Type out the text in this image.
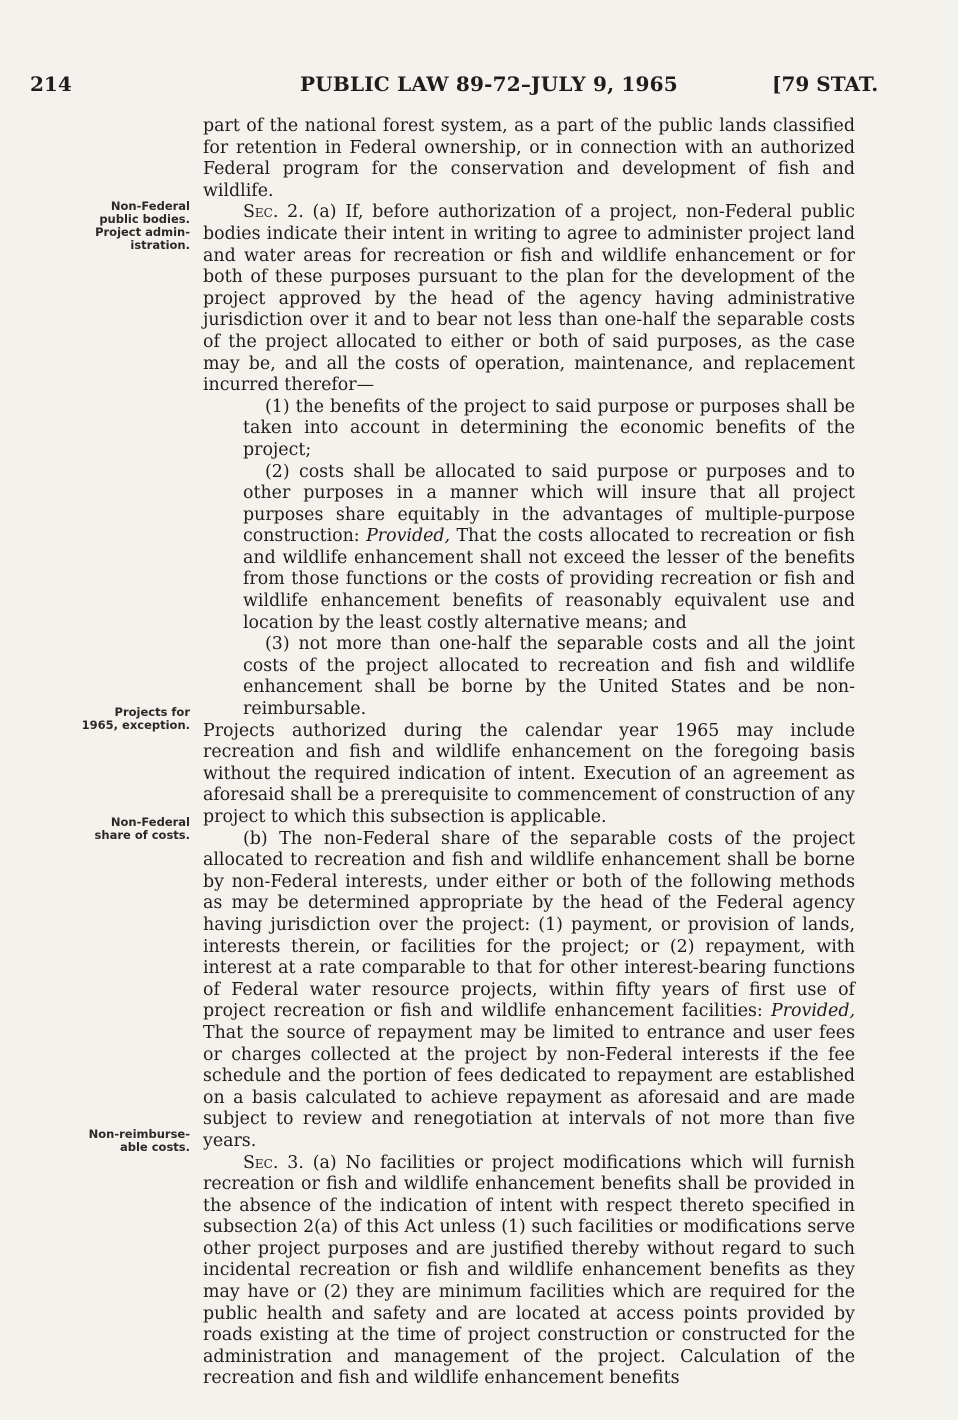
214	PUBLIC LAW 89-72–JULY 9, 1965	[79 STAT.
Non-Federal
public bodies.
Project admin-
istration.
Projects for
1965, exception.
Non-Federal
share of costs.
Non-reimburse-
able costs.

part of the national forest system, as a part of the public lands classified for retention in Federal ownership, or in connection with an authorized Federal program for the conservation and development of fish and wildlife.

Sec. 2. (a) If, before authorization of a project, non-Federal public bodies indicate their intent in writing to agree to administer project land and water areas for recreation or fish and wildlife enhancement or for both of these purposes pursuant to the plan for the development of the project approved by the head of the agency having administrative jurisdiction over it and to bear not less than one-half the separable costs of the project allocated to either or both of said purposes, as the case may be, and all the costs of operation, maintenance, and replacement incurred therefor—

(1) the benefits of the project to said purpose or purposes shall be taken into account in determining the economic benefits of the project;

(2) costs shall be allocated to said purpose or purposes and to other purposes in a manner which will insure that all project purposes share equitably in the advantages of multiple-purpose construction: Provided, That the costs allocated to recreation or fish and wildlife enhancement shall not exceed the lesser of the benefits from those functions or the costs of providing recreation or fish and wildlife enhancement benefits of reasonably equivalent use and location by the least costly alternative means; and

(3) not more than one-half the separable costs and all the joint costs of the project allocated to recreation and fish and wildlife enhancement shall be borne by the United States and be non-reimbursable.

Projects authorized during the calendar year 1965 may include recreation and fish and wildlife enhancement on the foregoing basis without the required indication of intent. Execution of an agreement as aforesaid shall be a prerequisite to commencement of construction of any project to which this subsection is applicable.

(b) The non-Federal share of the separable costs of the project allocated to recreation and fish and wildlife enhancement shall be borne by non-Federal interests, under either or both of the following methods as may be determined appropriate by the head of the Federal agency having jurisdiction over the project: (1) payment, or provision of lands, interests therein, or facilities for the project; or (2) repayment, with interest at a rate comparable to that for other interest-bearing functions of Federal water resource projects, within fifty years of first use of project recreation or fish and wildlife enhancement facilities: Provided, That the source of repayment may be limited to entrance and user fees or charges collected at the project by non-Federal interests if the fee schedule and the portion of fees dedicated to repayment are established on a basis calculated to achieve repayment as aforesaid and are made subject to review and renegotiation at intervals of not more than five years.

Sec. 3. (a) No facilities or project modifications which will furnish recreation or fish and wildlife enhancement benefits shall be provided in the absence of the indication of intent with respect thereto specified in subsection 2(a) of this Act unless (1) such facilities or modifications serve other project purposes and are justified thereby without regard to such incidental recreation or fish and wildlife enhancement benefits as they may have or (2) they are minimum facilities which are required for the public health and safety and are located at access points provided by roads existing at the time of project construction or constructed for the administration and management of the project. Calculation of the recreation and fish and wildlife enhancement benefits
